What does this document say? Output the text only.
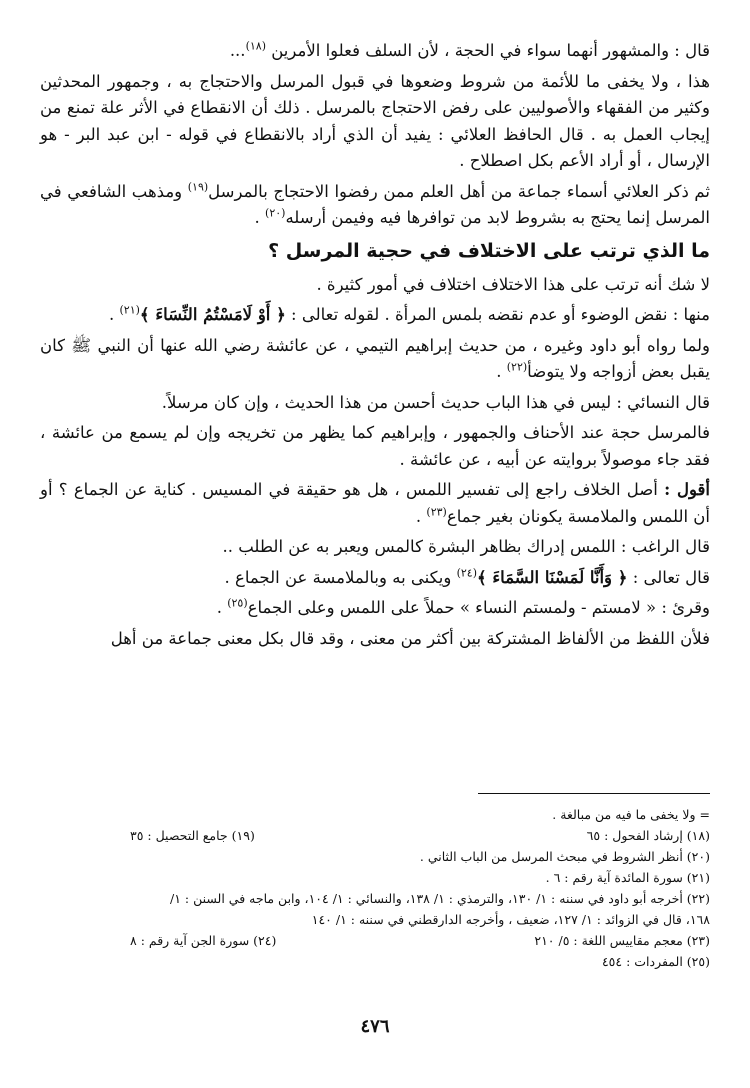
قال : والمشهور أنهما سواء في الحجة ، لأن السلف فعلوا الأمرين $^{(١٨)}$...

هذا ، ولا يخفى ما للأئمة من شروط وضعوها في قبول المرسل والاحتجاج به ، وجمهور المحدثين وكثير من الفقهاء والأصوليين على رفض الاحتجاج بالمرسل . ذلك أن الانقطاع في الأثر علة تمنع من إيجاب العمل به . قال الحافظ العلائي : يفيد أن الذي أراد بالانقطاع في قوله - ابن عبد البر - هو الإرسال ، أو أراد الأعم بكل اصطلاح .

ثم ذكر العلائي أسماء جماعة من أهل العلم ممن رفضوا الاحتجاج بالمرسل$^{(١٩)}$ ومذهب الشافعي في المرسل إنما يحتج به بشروط لابد من توافرها فيه وفيمن أرسله$^{(٢٠)}$ .

ما الذي ترتب على الاختلاف في حجية المرسل ؟

لا شك أنه ترتب على هذا الاختلاف اختلاف في أمور كثيرة .

منها : نقض الوضوء أو عدم نقضه بلمس المرأة . لقوله تعالى : ﴿ أَوْ لَامَسْتُمُ النِّسَاءَ ﴾$^{(٢١)}$ .

ولما رواه أبو داود وغيره ، من حديث إبراهيم التيمي ، عن عائشة رضي الله عنها أن النبي ﷺ كان يقبل بعض أزواجه ولا يتوضأ$^{(٢٢)}$ .

قال النسائي : ليس في هذا الباب حديث أحسن من هذا الحديث ، وإن كان مرسلاً.

فالمرسل حجة عند الأحناف والجمهور ، وإبراهيم كما يظهر من تخريجه وإن لم يسمع من عائشة ، فقد جاء موصولاً بروايته عن أبيه ، عن عائشة .

أقول : أصل الخلاف راجع إلى تفسير اللمس ، هل هو حقيقة في المسيس . كناية عن الجماع ؟ أو أن اللمس والملامسة يكونان بغير جماع$^{(٢٣)}$ .

قال الراغب : اللمس إدراك بظاهر البشرة كالمس ويعبر به عن الطلب ..

قال تعالى : ﴿ وَأَنَّا لَمَسْنَا السَّمَاءَ ﴾$^{(٢٤)}$ ويكنى به وبالملامسة عن الجماع .

وقرئ : « لامستم - ولمستم النساء » حملاً على اللمس وعلى الجماع$^{(٢٥)}$ .

فلأن اللفظ من الألفاظ المشتركة بين أكثر من معنى ، وقد قال بكل معنى جماعة من أهل

= ولا يخفى ما فيه من مبالغة .
(١٨) إرشاد الفحول : ٦٥
(١٩) جامع التحصيل : ٣٥
(٢٠) أنظر الشروط في مبحث المرسل من الباب الثاني .
(٢١) سورة المائدة آية رقم : ٦ .
(٢٢) أخرجه أبو داود في سننه : ١/ ١٣٠، والترمذي : ١/ ١٣٨، والنسائي : ١/ ١٠٤، وابن ماجه في السنن : ١/
١٦٨، قال في الزوائد : ١/ ١٢٧، ضعيف ، وأخرجه الدارقطني في سننه : ١/ ١٤٠
(٢٣) معجم مقاييس اللغة : ٥/ ٢١٠
(٢٤) سورة الجن آية رقم : ٨
(٢٥) المفردات : ٤٥٤
٤٧٦
